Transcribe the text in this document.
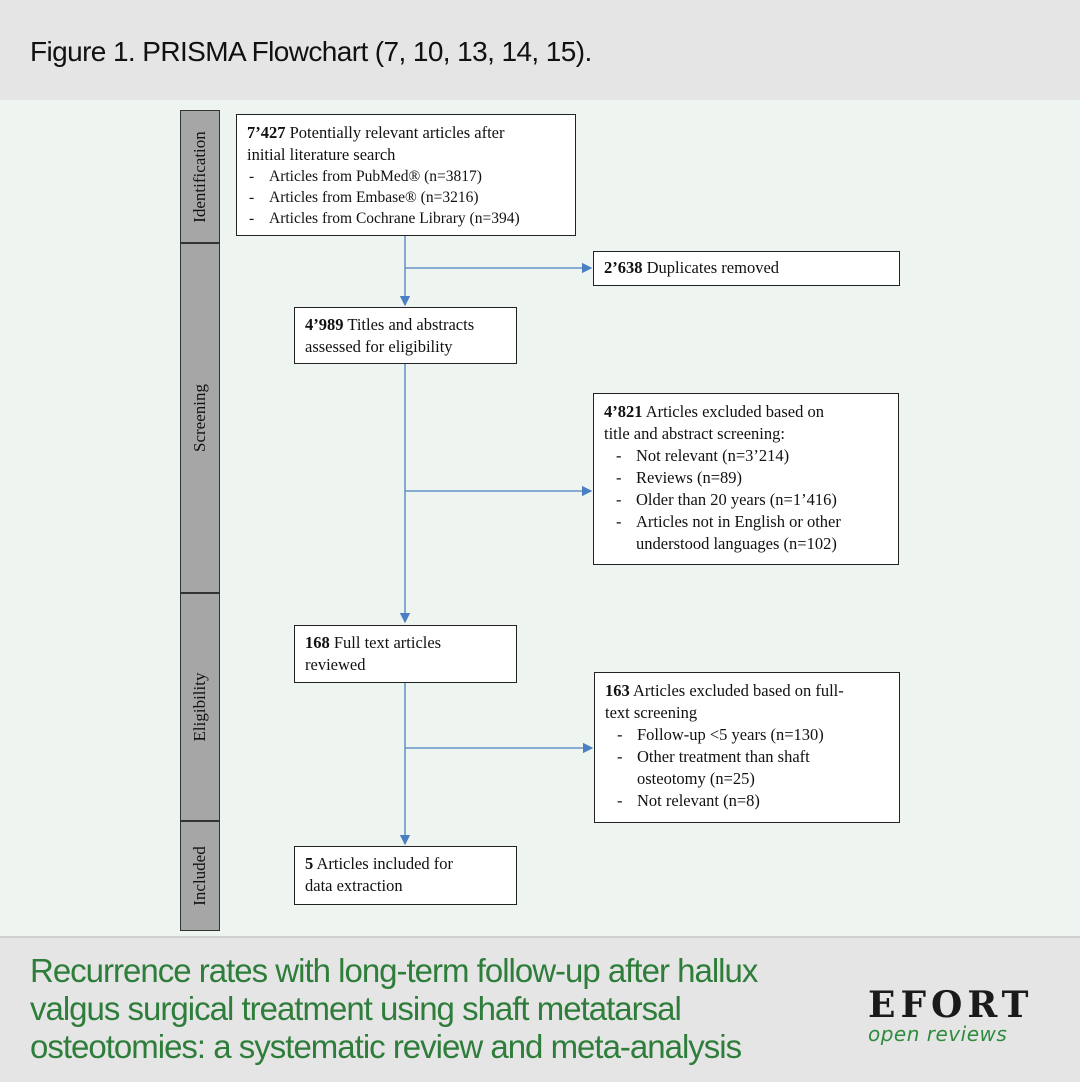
Figure 1. PRISMA Flowchart (7, 10, 13, 14, 15).
Identification
Screening
Eligibility
Included
7’427 Potentially relevant articles after
initial literature search
- Articles from PubMed® (n=3817)
- Articles from Embase® (n=3216)
- Articles from Cochrane Library (n=394)
2’638 Duplicates removed
4’989 Titles and abstracts
assessed for eligibility
4’821 Articles excluded based on
title and abstract screening:
- Not relevant (n=3’214)
- Reviews (n=89)
- Older than 20 years (n=1’416)
- Articles not in English or other
understood languages (n=102)
168 Full text articles
reviewed
163 Articles excluded based on full-
text screening
- Follow-up <5 years (n=130)
- Other treatment than shaft
osteotomy (n=25)
- Not relevant (n=8)
5 Articles included for
data extraction
Recurrence rates with long-term follow-up after hallux valgus surgical treatment using shaft metatarsal osteotomies: a systematic review and meta-analysis
EFORT
open reviews
